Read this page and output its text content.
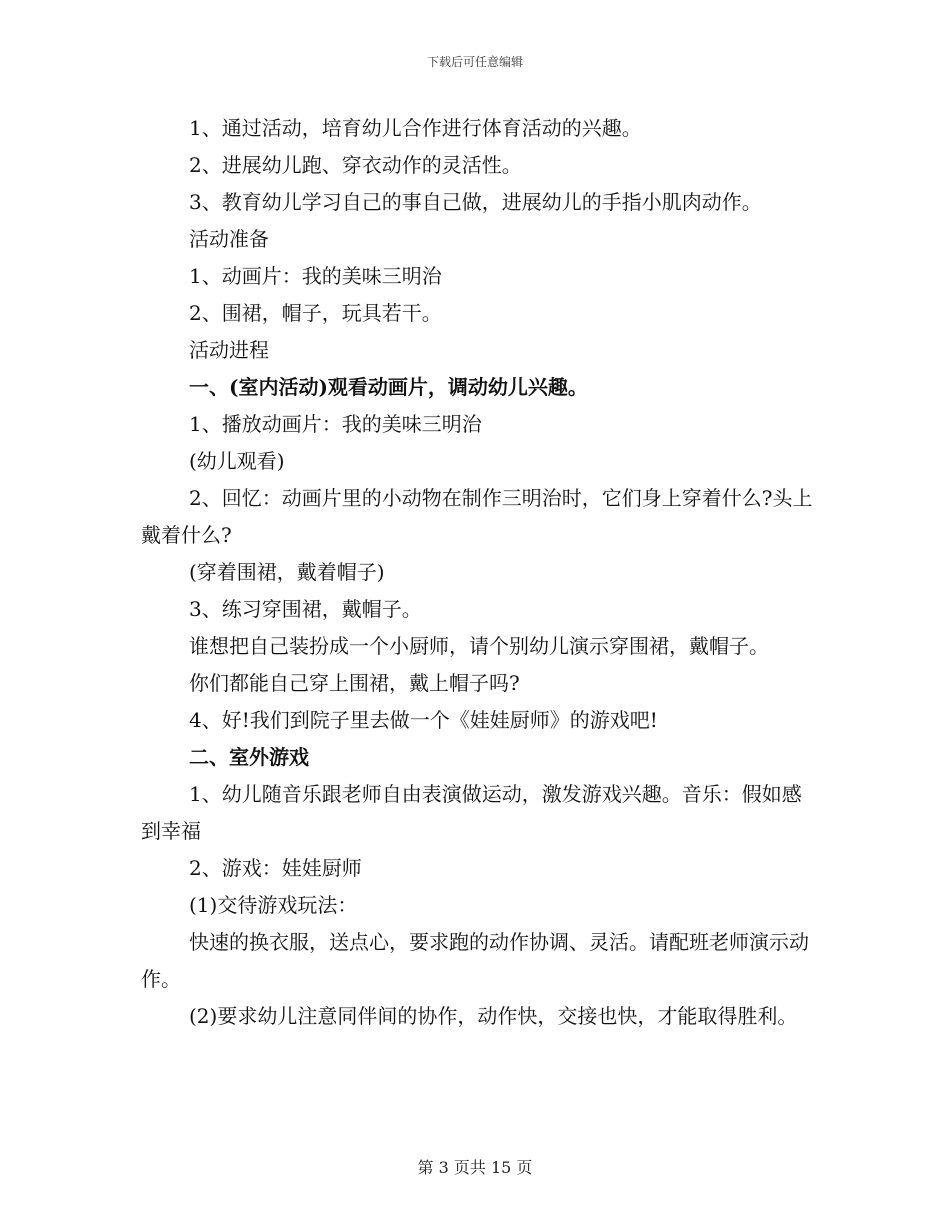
下载后可任意编辑

1、通过活动，培育幼儿合作进行体育活动的兴趣。

2、进展幼儿跑、穿衣动作的灵活性。

3、教育幼儿学习自己的事自己做，进展幼儿的手指小肌肉动作。

活动准备

1、动画片：我的美味三明治

2、围裙，帽子，玩具若干。

活动进程

一、(室内活动)观看动画片，调动幼儿兴趣。

1、播放动画片：我的美味三明治

(幼儿观看)

2、回忆：动画片里的小动物在制作三明治时，它们身上穿着什么?头上戴着什么?

(穿着围裙，戴着帽子)

3、练习穿围裙，戴帽子。

谁想把自己装扮成一个小厨师，请个别幼儿演示穿围裙，戴帽子。

你们都能自己穿上围裙，戴上帽子吗?

4、好!我们到院子里去做一个《娃娃厨师》的游戏吧!

二、室外游戏

1、幼儿随音乐跟老师自由表演做运动，激发游戏兴趣。音乐：假如感到幸福

2、游戏：娃娃厨师

(1)交待游戏玩法：

快速的换衣服，送点心，要求跑的动作协调、灵活。请配班老师演示动作。

(2)要求幼儿注意同伴间的协作，动作快，交接也快，才能取得胜利。

第 3 页共 15 页
